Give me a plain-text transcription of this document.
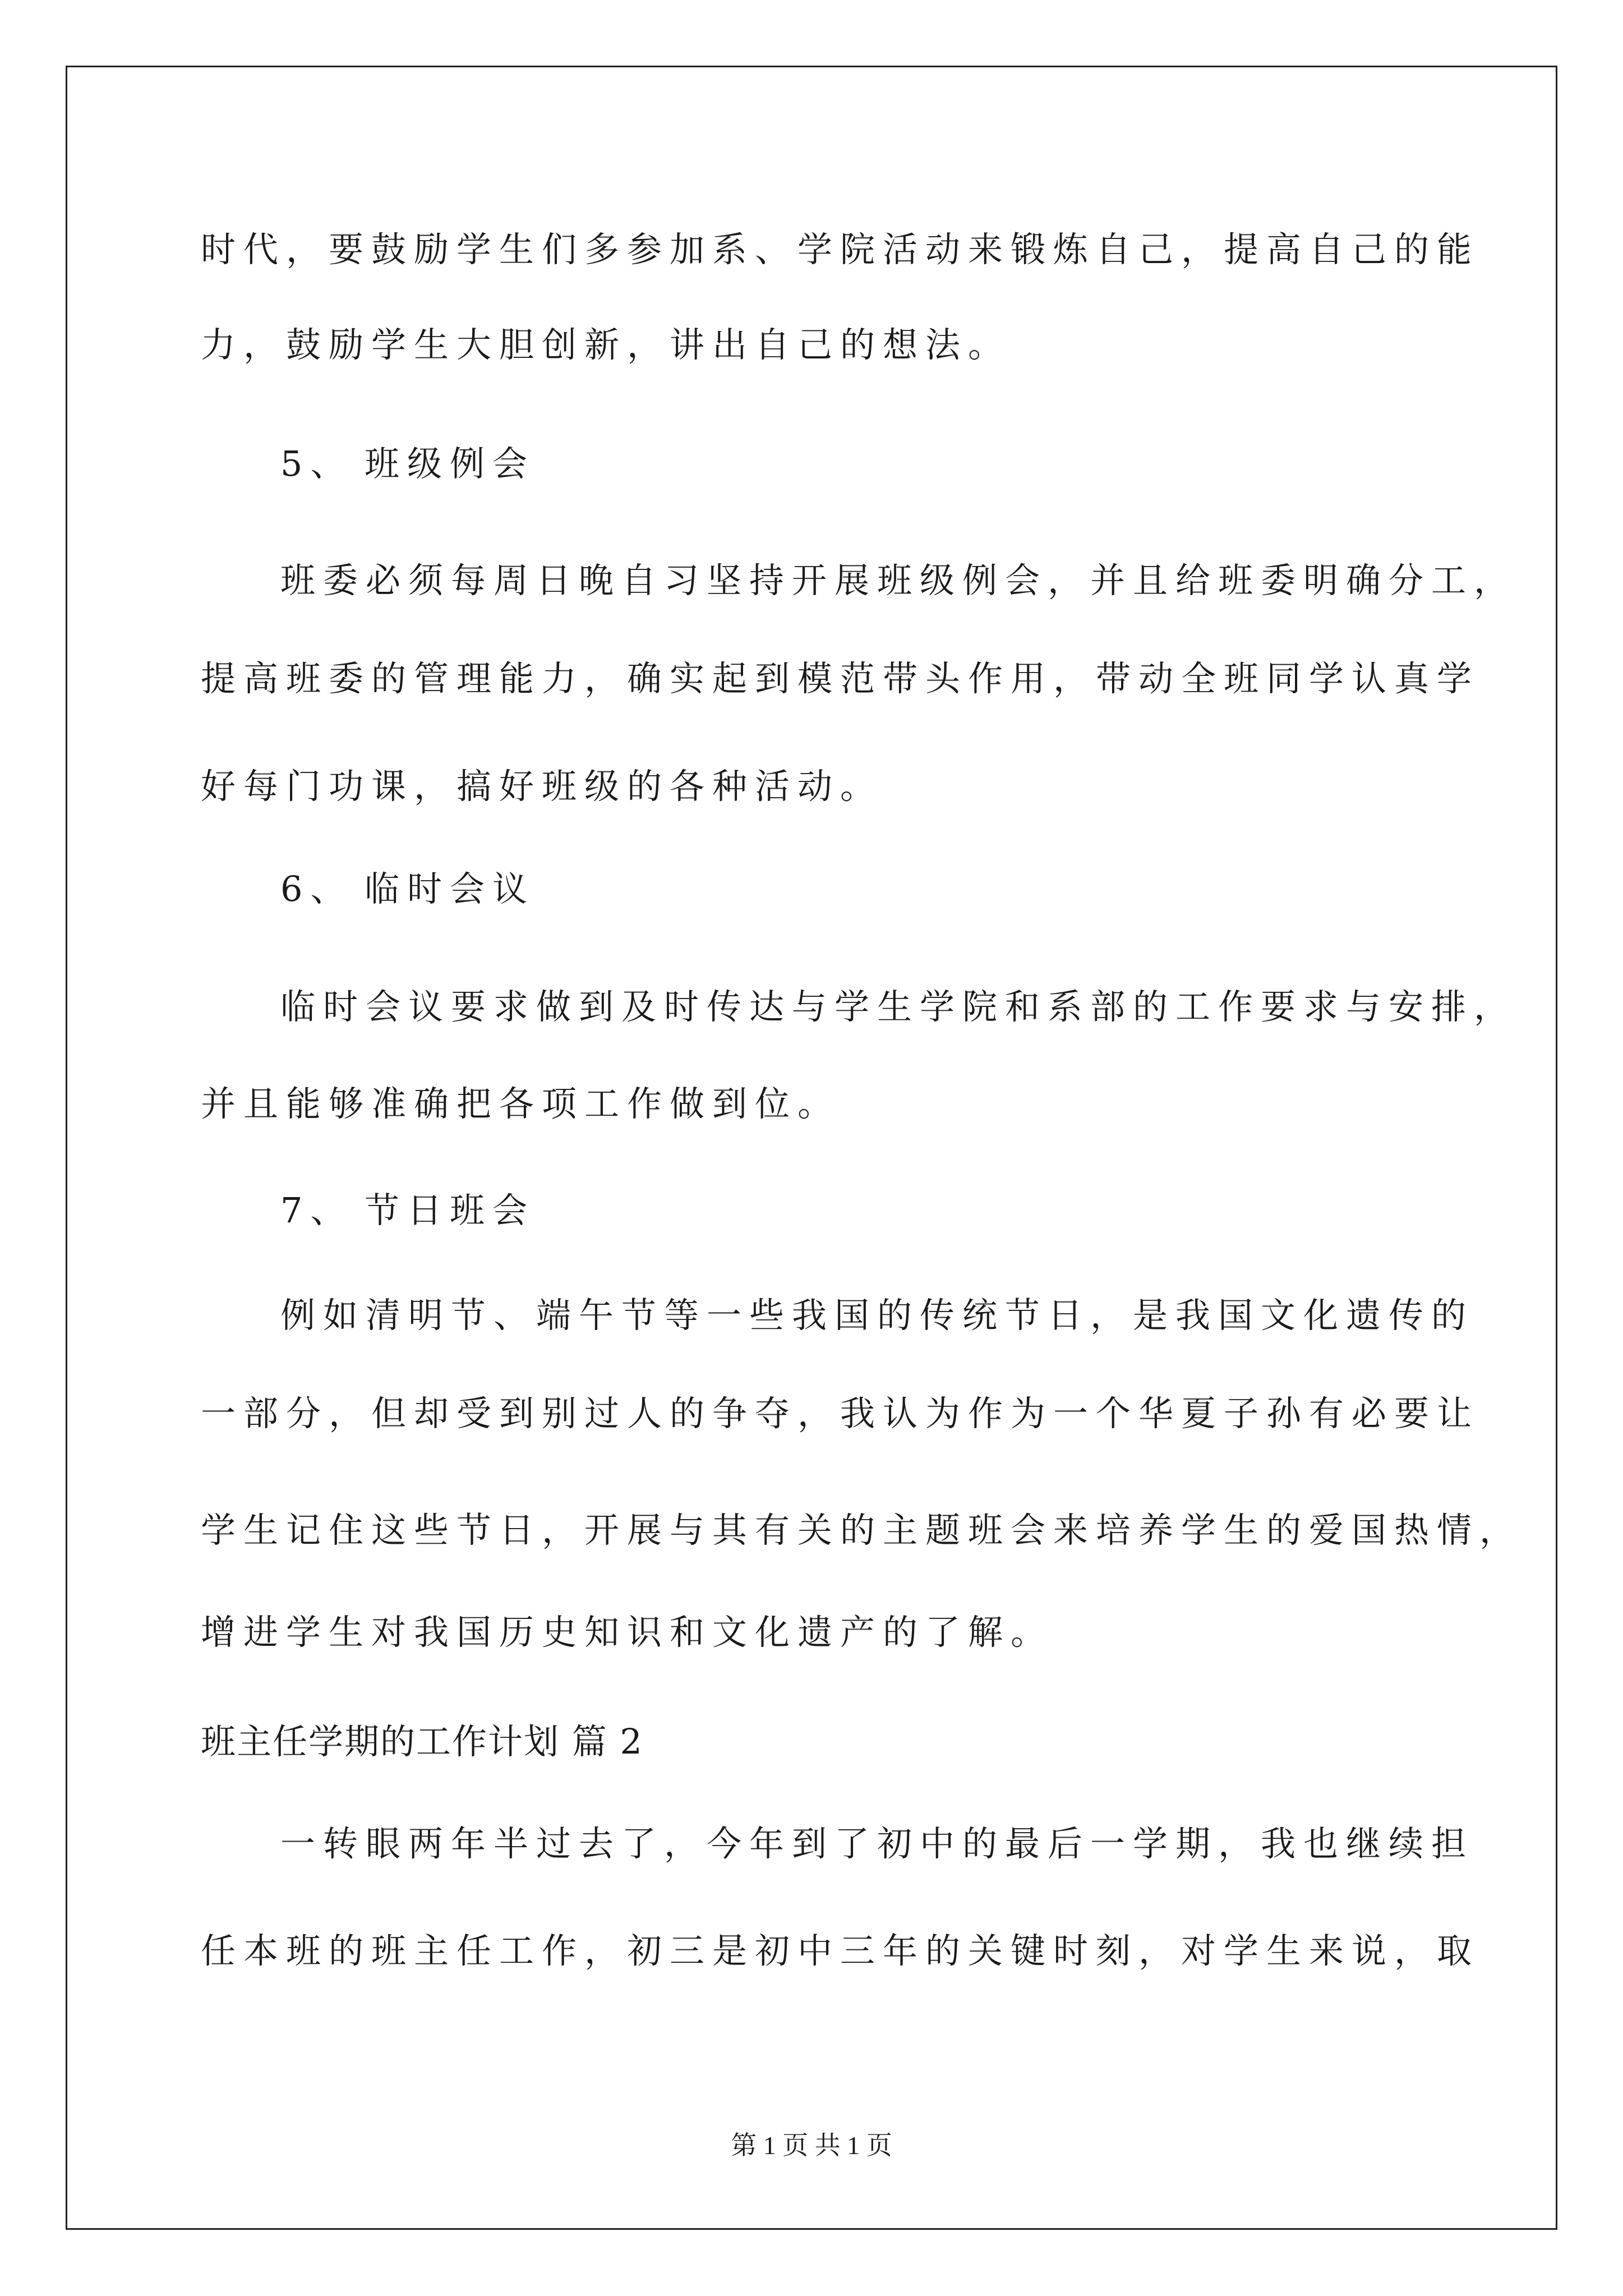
时代，要鼓励学生们多参加系、学院活动来锻炼自己，提高自己的能
力，鼓励学生大胆创新，讲出自己的想法。
5、 班级例会
班委必须每周日晚自习坚持开展班级例会，并且给班委明确分工，
提高班委的管理能力，确实起到模范带头作用，带动全班同学认真学
好每门功课，搞好班级的各种活动。
6、 临时会议
临时会议要求做到及时传达与学生学院和系部的工作要求与安排，
并且能够准确把各项工作做到位。
7、 节日班会
例如清明节、端午节等一些我国的传统节日，是我国文化遗传的
一部分，但却受到别过人的争夺，我认为作为一个华夏子孙有必要让
学生记住这些节日，开展与其有关的主题班会来培养学生的爱国热情，
增进学生对我国历史知识和文化遗产的了解。
班主任学期的工作计划 篇 2
一转眼两年半过去了，今年到了初中的最后一学期，我也继续担
任本班的班主任工作，初三是初中三年的关键时刻，对学生来说，取
第 1 页 共 1 页
